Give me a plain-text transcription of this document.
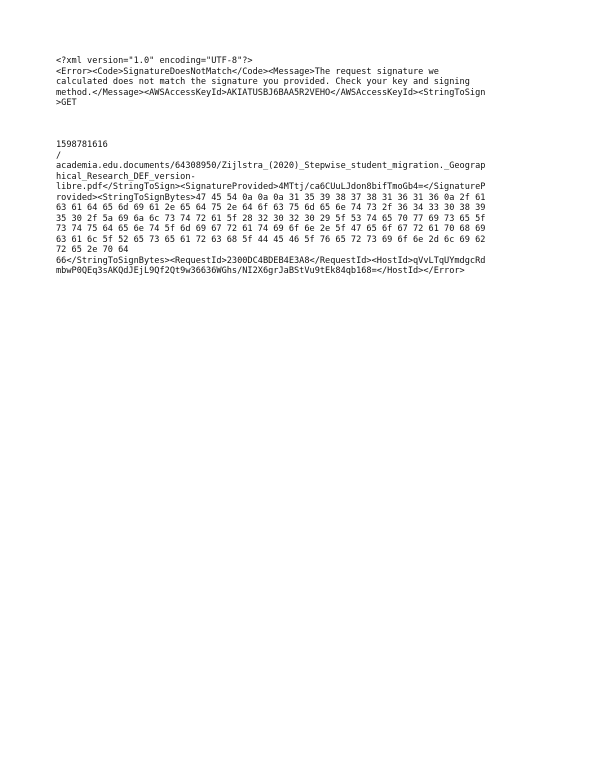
<?xml version="1.0" encoding="UTF-8"?>
<Error><Code>SignatureDoesNotMatch</Code><Message>The request signature we
calculated does not match the signature you provided. Check your key and signing
method.</Message><AWSAccessKeyId>AKIATUSBJ6BAA5R2VEHO</AWSAccessKeyId><StringToSign
>GET

1598781616
/
academia.edu.documents/64308950/Zijlstra_(2020)_Stepwise_student_migration._Geograp
hical_Research_DEF_version-
libre.pdf</StringToSign><SignatureProvided>4MTtj/ca6CUuLJdon8bifTmoGb4=</SignatureP
rovided><StringToSignBytes>47 45 54 0a 0a 0a 31 35 39 38 37 38 31 36 31 36 0a 2f 61
63 61 64 65 6d 69 61 2e 65 64 75 2e 64 6f 63 75 6d 65 6e 74 73 2f 36 34 33 30 38 39
35 30 2f 5a 69 6a 6c 73 74 72 61 5f 28 32 30 32 30 29 5f 53 74 65 70 77 69 73 65 5f
73 74 75 64 65 6e 74 5f 6d 69 67 72 61 74 69 6f 6e 2e 5f 47 65 6f 67 72 61 70 68 69
63 61 6c 5f 52 65 73 65 61 72 63 68 5f 44 45 46 5f 76 65 72 73 69 6f 6e 2d 6c 69 62
72 65 2e 70 64
66</StringToSignBytes><RequestId>2300DC4BDEB4E3A8</RequestId><HostId>qVvLTqUYmdgcRd
mbwP0QEq3sAKQdJEjL9Qf2Qt9w36636WGhs/NI2X6grJaBStVu9tEk84qb168=</HostId></Error>
